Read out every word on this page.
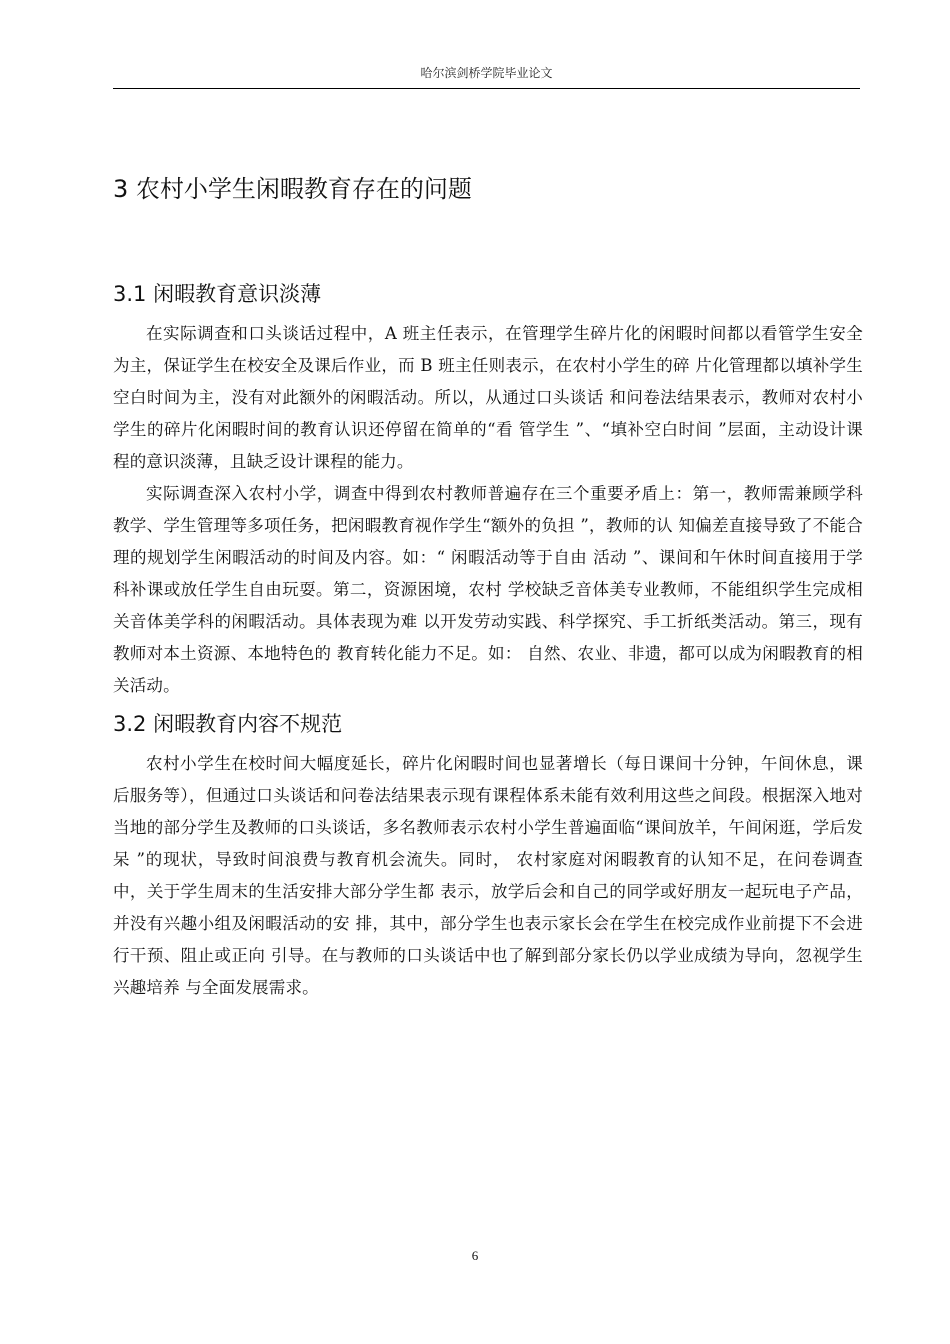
哈尔滨剑桥学院毕业论文
3 农村小学生闲暇教育存在的问题
3.1 闲暇教育意识淡薄

在实际调查和口头谈话过程中，A 班主任表示，在管理学生碎片化的闲暇时间都以看管学生安全为主，保证学生在校安全及课后作业，而 B 班主任则表示，在农村小学生的碎 片化管理都以填补学生空白时间为主，没有对此额外的闲暇活动。所以，从通过口头谈话 和问卷法结果表示，教师对农村小学生的碎片化闲暇时间的教育认识还停留在简单的“看 管学生 ”、“填补空白时间 ”层面，主动设计课程的意识淡薄，且缺乏设计课程的能力。

实际调查深入农村小学，调查中得到农村教师普遍存在三个重要矛盾上：第一，教师需兼顾学科教学、学生管理等多项任务，把闲暇教育视作学生“额外的负担 ”，教师的认 知偏差直接导致了不能合理的规划学生闲暇活动的时间及内容。如：“ 闲暇活动等于自由 活动 ”、课间和午休时间直接用于学科补课或放任学生自由玩耍。第二，资源困境，农村 学校缺乏音体美专业教师，不能组织学生完成相关音体美学科的闲暇活动。具体表现为难 以开发劳动实践、科学探究、手工折纸类活动。第三，现有教师对本土资源、本地特色的 教育转化能力不足。如： 自然、农业、非遗，都可以成为闲暇教育的相关活动。

3.2 闲暇教育内容不规范

农村小学生在校时间大幅度延长，碎片化闲暇时间也显著增长（每日课间十分钟，午间休息，课后服务等），但通过口头谈话和问卷法结果表示现有课程体系未能有效利用这些之间段。根据深入地对当地的部分学生及教师的口头谈话，多名教师表示农村小学生普遍面临“课间放羊，午间闲逛，学后发呆 ”的现状，导致时间浪费与教育机会流失。同时， 农村家庭对闲暇教育的认知不足，在问卷调查中，关于学生周末的生活安排大部分学生都 表示，放学后会和自己的同学或好朋友一起玩电子产品，并没有兴趣小组及闲暇活动的安 排，其中，部分学生也表示家长会在学生在校完成作业前提下不会进行干预、阻止或正向 引导。在与教师的口头谈话中也了解到部分家长仍以学业成绩为导向，忽视学生兴趣培养 与全面发展需求。

6
